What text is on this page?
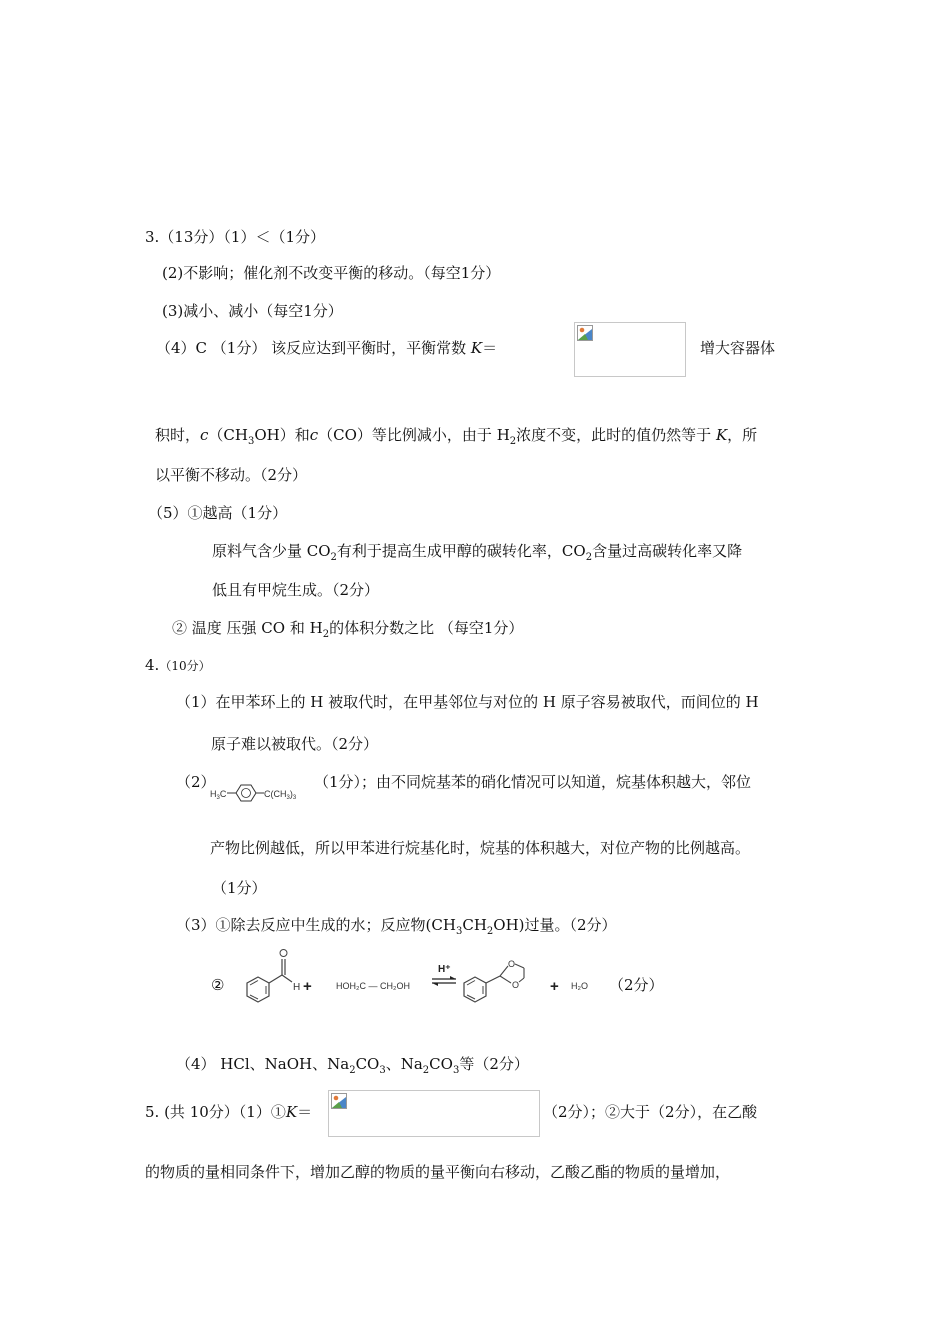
3.（13分）（1）＜（1分）
(2)不影响；催化剂不改变平衡的移动。（每空1分）
(3)减小、减小（每空1分）
（4）C （1分） 该反应达到平衡时，平衡常数 K＝	增大容器体
积时，$c(CH_3OH)$和c（CO）等比例减小，由于 $H_2$浓度不变，此时的值仍然等于 K，所
以平衡不移动。（2分）
（5）①越高（1分）
原料气含少量 $CO_2$有利于提高生成甲醇的碳转化率，$CO_2$含量过高碳转化率又降
低且有甲烷生成。（2分）
② 温度 压强 CO 和 $H_2$的体积分数之比 （每空1分）
4.（10分）
（1）在甲苯环上的 H 被取代时，在甲基邻位与对位的 H 原子容易被取代，而间位的 H
原子难以被取代。（2分）
（2）
$H_3C$	$C(CH_3)_3$
（1分）；由不同烷基苯的硝化情况可以知道，烷基体积越大，邻位
产物比例越低，所以甲苯进行烷基化时，烷基的体积越大，对位产物的比例越高。
（1分）
（3）①除去反应中生成的水；反应物$(CH_3CH_2OH)$过量。（2分）
②	H +	HOH₂C — CH₂OH
H⁺	O
O + H₂O （2分）
（4） HCl、NaOH、$Na_2CO_3$、$Na_2CO_3$等（2分）
5. (共 10分）（1）①K＝	（2分）；②大于（2分），在乙酸
的物质的量相同条件下，增加乙醇的物质的量平衡向右移动，乙酸乙酯的物质的量增加，
